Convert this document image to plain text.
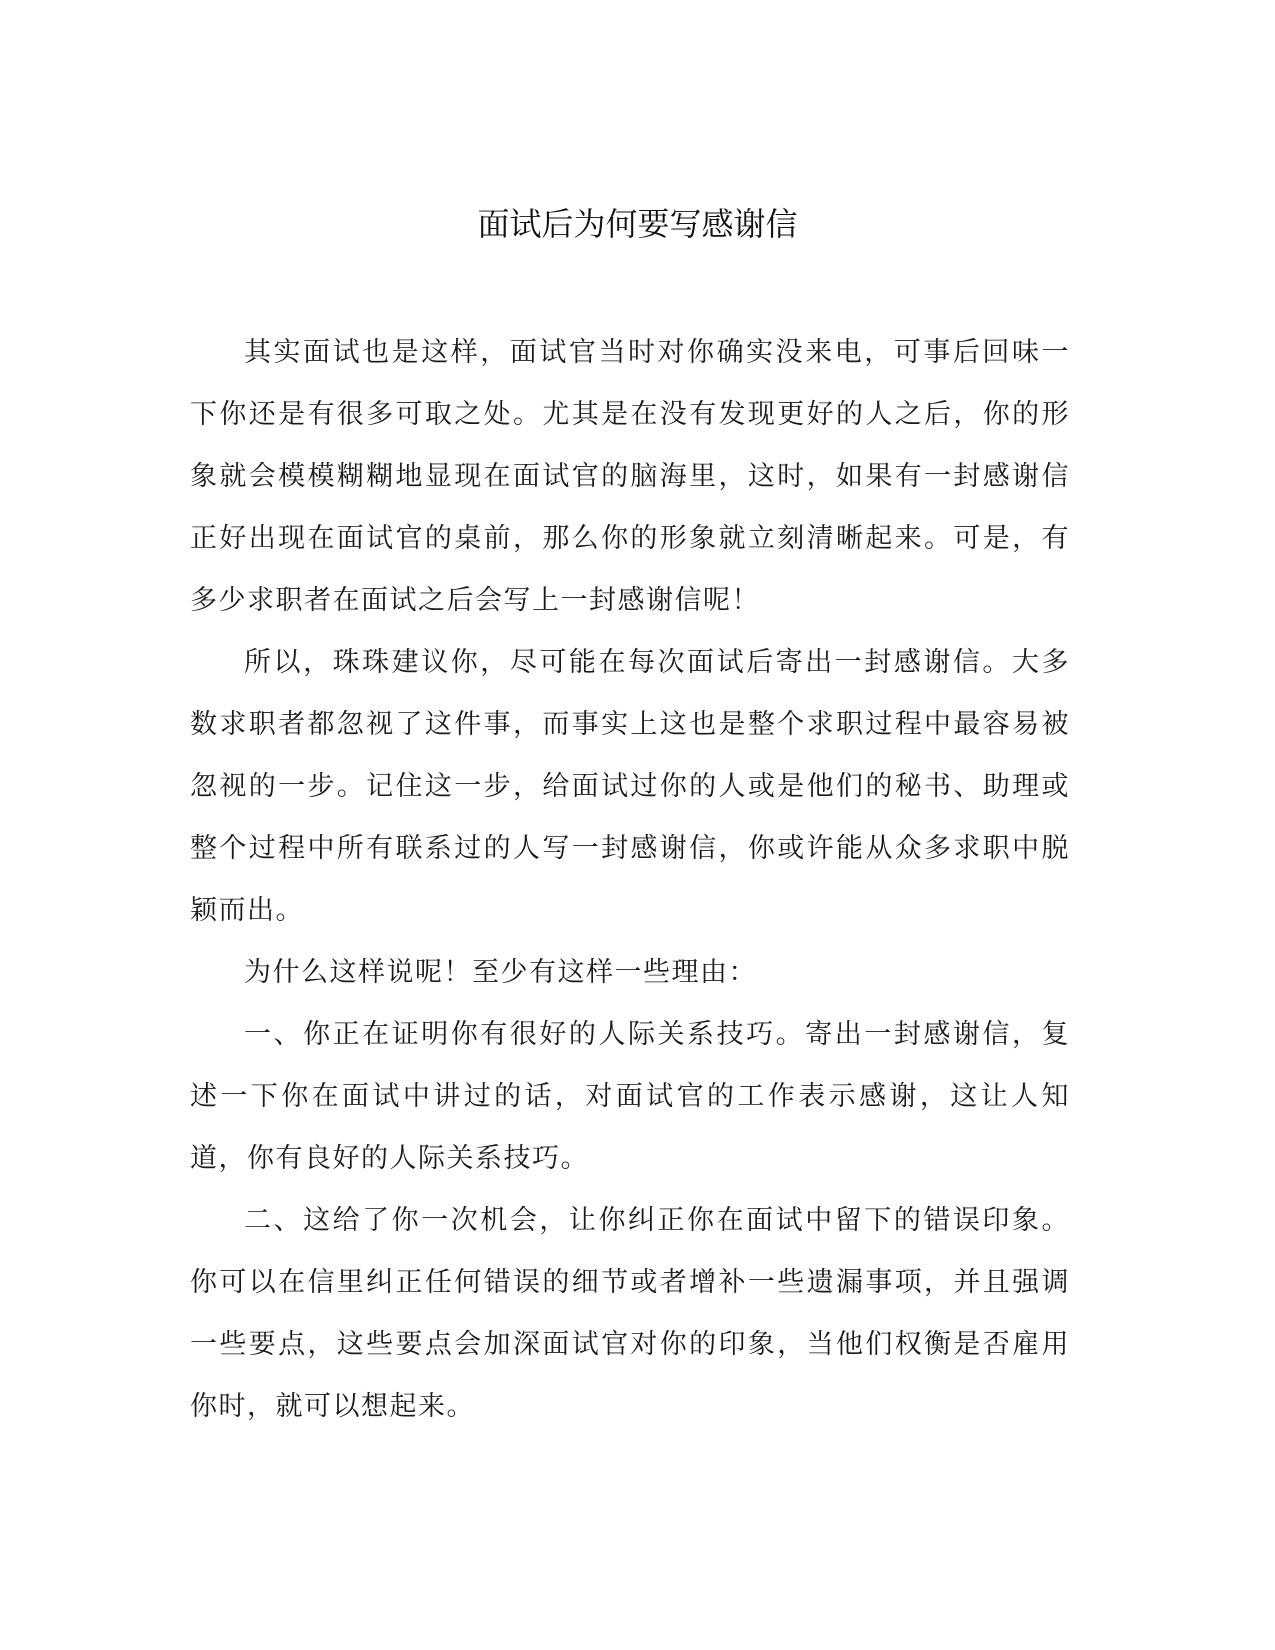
面试后为何要写感谢信

其实面试也是这样，面试官当时对你确实没来电，可事后回味一下你还是有很多可取之处。尤其是在没有发现更好的人之后，你的形象就会模模糊糊地显现在面试官的脑海里，这时，如果有一封感谢信正好出现在面试官的桌前，那么你的形象就立刻清晰起来。可是，有多少求职者在面试之后会写上一封感谢信呢！

所以，珠珠建议你，尽可能在每次面试后寄出一封感谢信。大多数求职者都忽视了这件事，而事实上这也是整个求职过程中最容易被忽视的一步。记住这一步，给面试过你的人或是他们的秘书、助理或整个过程中所有联系过的人写一封感谢信，你或许能从众多求职中脱颖而出。

为什么这样说呢！至少有这样一些理由：

一、你正在证明你有很好的人际关系技巧。寄出一封感谢信，复述一下你在面试中讲过的话，对面试官的工作表示感谢，这让人知道，你有良好的人际关系技巧。

二、这给了你一次机会，让你纠正你在面试中留下的错误印象。你可以在信里纠正任何错误的细节或者增补一些遗漏事项，并且强调一些要点，这些要点会加深面试官对你的印象，当他们权衡是否雇用你时，就可以想起来。
